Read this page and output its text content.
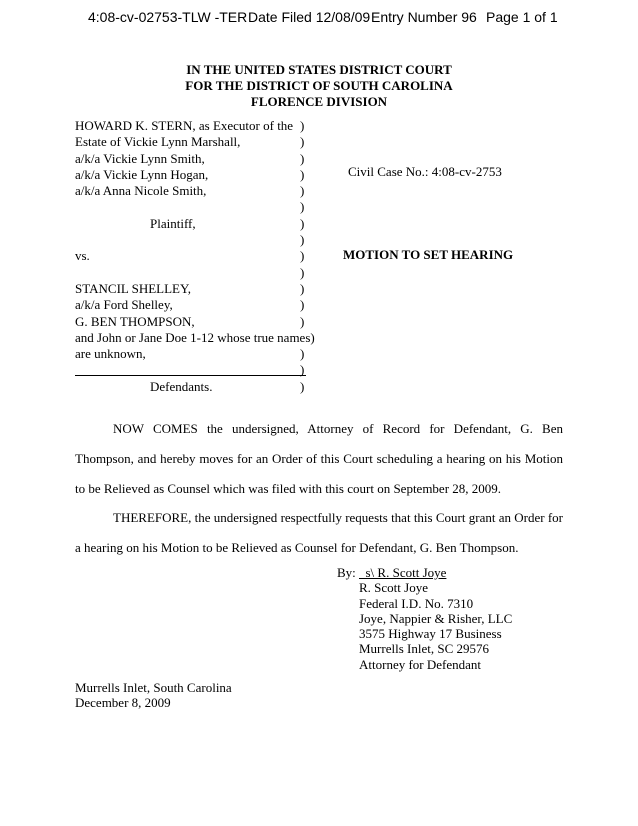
4:08-cv-02753-TLW -TER Date Filed 12/08/09 Entry Number 96 Page 1 of 1
IN THE UNITED STATES DISTRICT COURT
FOR THE DISTRICT OF SOUTH CAROLINA
FLORENCE DIVISION
HOWARD K. STERN, as Executor of the
Estate of Vickie Lynn Marshall,
a/k/a Vickie Lynn Smith,
a/k/a Vickie Lynn Hogan,
a/k/a Anna Nicole Smith,
Plaintiff,
vs.
STANCIL SHELLEY,
a/k/a Ford Shelley,
G. BEN THOMPSON,
and John or Jane Doe 1-12 whose true names)
are unknown,
Defendants.
)
)
)
)
)
)
)
)
)
)
)
)
)
)
)
)
Civil Case No.: 4:08-cv-2753
MOTION TO SET HEARING
NOW COMES the undersigned, Attorney of Record for Defendant, G. Ben Thompson, and hereby moves for an Order of this Court scheduling a hearing on his Motion to be Relieved as Counsel which was filed with this court on September 28, 2009.
THEREFORE, the undersigned respectfully requests that this Court grant an Order for a hearing on his Motion to be Relieved as Counsel for Defendant, G. Ben Thompson.
By:  s\ R. Scott Joye
R. Scott Joye
Federal I.D. No. 7310
Joye, Nappier & Risher, LLC
3575 Highway 17 Business
Murrells Inlet, SC 29576
Attorney for Defendant
Murrells Inlet, South Carolina
December 8, 2009
